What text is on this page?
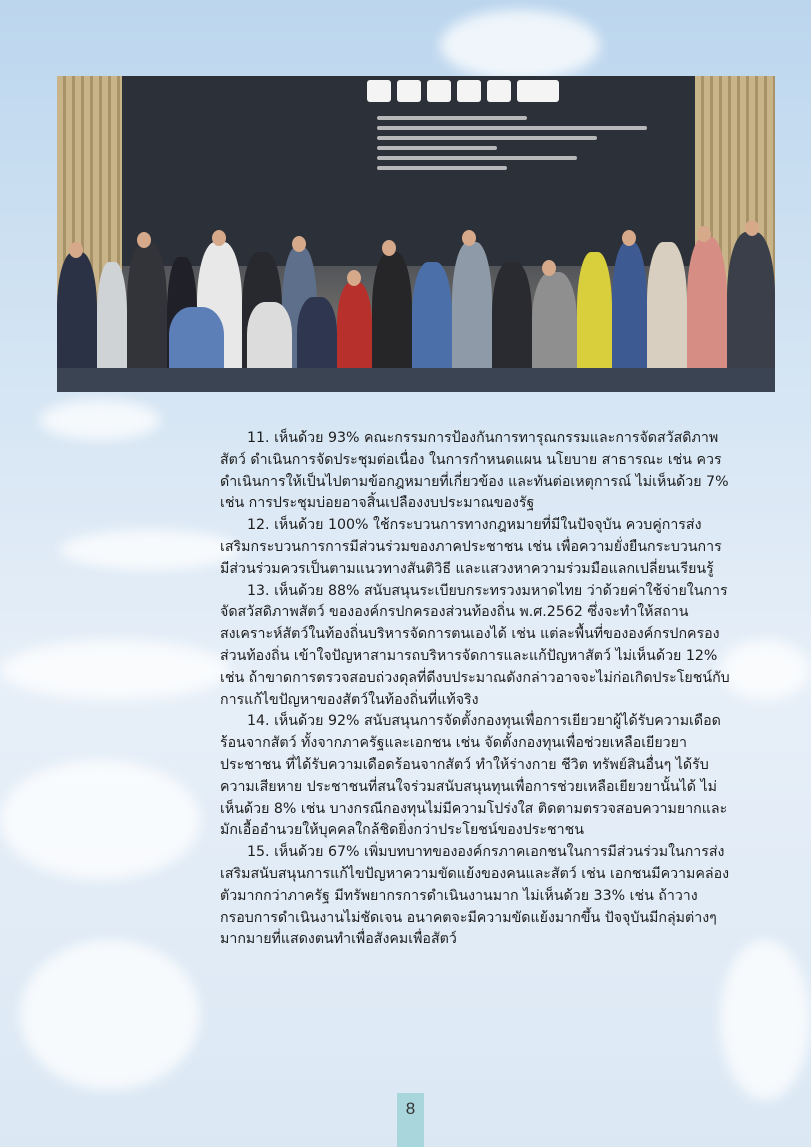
11. เห็นด้วย 93% คณะกรรมการป้องกันการทารุณกรรมและการจัดสวัสดิภาพสัตว์ ดำเนินการจัดประชุมต่อเนื่อง ในการกำหนดแผน นโยบาย สาธารณะ เช่น ควรดำเนินการให้เป็นไปตามข้อกฎหมายที่เกี่ยวข้อง และทันต่อเหตุการณ์ ไม่เห็นด้วย 7% เช่น การประชุมบ่อยอาจสิ้นเปลืองงบประมาณของรัฐ

12. เห็นด้วย 100% ใช้กระบวนการทางกฎหมายที่มีในปัจจุบัน ควบคู่การส่งเสริมกระบวนการการมีส่วนร่วมของภาคประชาชน เช่น เพื่อความยั่งยืนกระบวนการมีส่วนร่วมควรเป็นตามแนวทางสันติวิธี และแสวงหาความร่วมมือแลกเปลี่ยนเรียนรู้

13. เห็นด้วย 88% สนับสนุนระเบียบกระทรวงมหาดไทย ว่าด้วยค่าใช้จ่ายในการจัดสวัสดิภาพสัตว์ ขององค์กรปกครองส่วนท้องถิ่น พ.ศ.2562 ซึ่งจะทำให้สถานสงเคราะห์สัตว์ในท้องถิ่นบริหารจัดการตนเองได้ เช่น แต่ละพื้นที่ขององค์กรปกครองส่วนท้องถิ่น เข้าใจปัญหาสามารถบริหารจัดการและแก้ปัญหาสัตว์ ไม่เห็นด้วย 12% เช่น ถ้าขาดการตรวจสอบถ่วงดุลที่ดีงบประมาณดังกล่าวอาจจะไม่ก่อเกิดประโยชน์กับการแก้ไขปัญหาของสัตว์ในท้องถิ่นที่แท้จริง

14. เห็นด้วย 92% สนับสนุนการจัดตั้งกองทุนเพื่อการเยียวยาผู้ได้รับความเดือดร้อนจากสัตว์ ทั้งจากภาครัฐและเอกชน เช่น จัดตั้งกองทุนเพื่อช่วยเหลือเยียวยาประชาชน ที่ได้รับความเดือดร้อนจากสัตว์ ทำให้ร่างกาย ชีวิต ทรัพย์สินอื่นๆ ได้รับความเสียหาย ประชาชนที่สนใจร่วมสนับสนุนทุนเพื่อการช่วยเหลือเยียวยานั้นได้ ไม่เห็นด้วย 8% เช่น บางกรณีกองทุนไม่มีความโปร่งใส ติดตามตรวจสอบความยากและมักเอื้ออำนวยให้บุคคลใกล้ชิดยิ่งกว่าประโยชน์ของประชาชน

15. เห็นด้วย 67% เพิ่มบทบาทขององค์กรภาคเอกชนในการมีส่วนร่วมในการส่งเสริมสนับสนุนการแก้ไขปัญหาความขัดแย้งของคนและสัตว์ เช่น เอกชนมีความคล่องตัวมากกว่าภาครัฐ มีทรัพยากรการดำเนินงานมาก ไม่เห็นด้วย 33% เช่น ถ้าวางกรอบการดำเนินงานไม่ชัดเจน อนาคตจะมีความขัดแย้งมากขึ้น ปัจจุบันมีกลุ่มต่างๆ มากมายที่แสดงตนทำเพื่อสังคมเพื่อสัตว์

8
